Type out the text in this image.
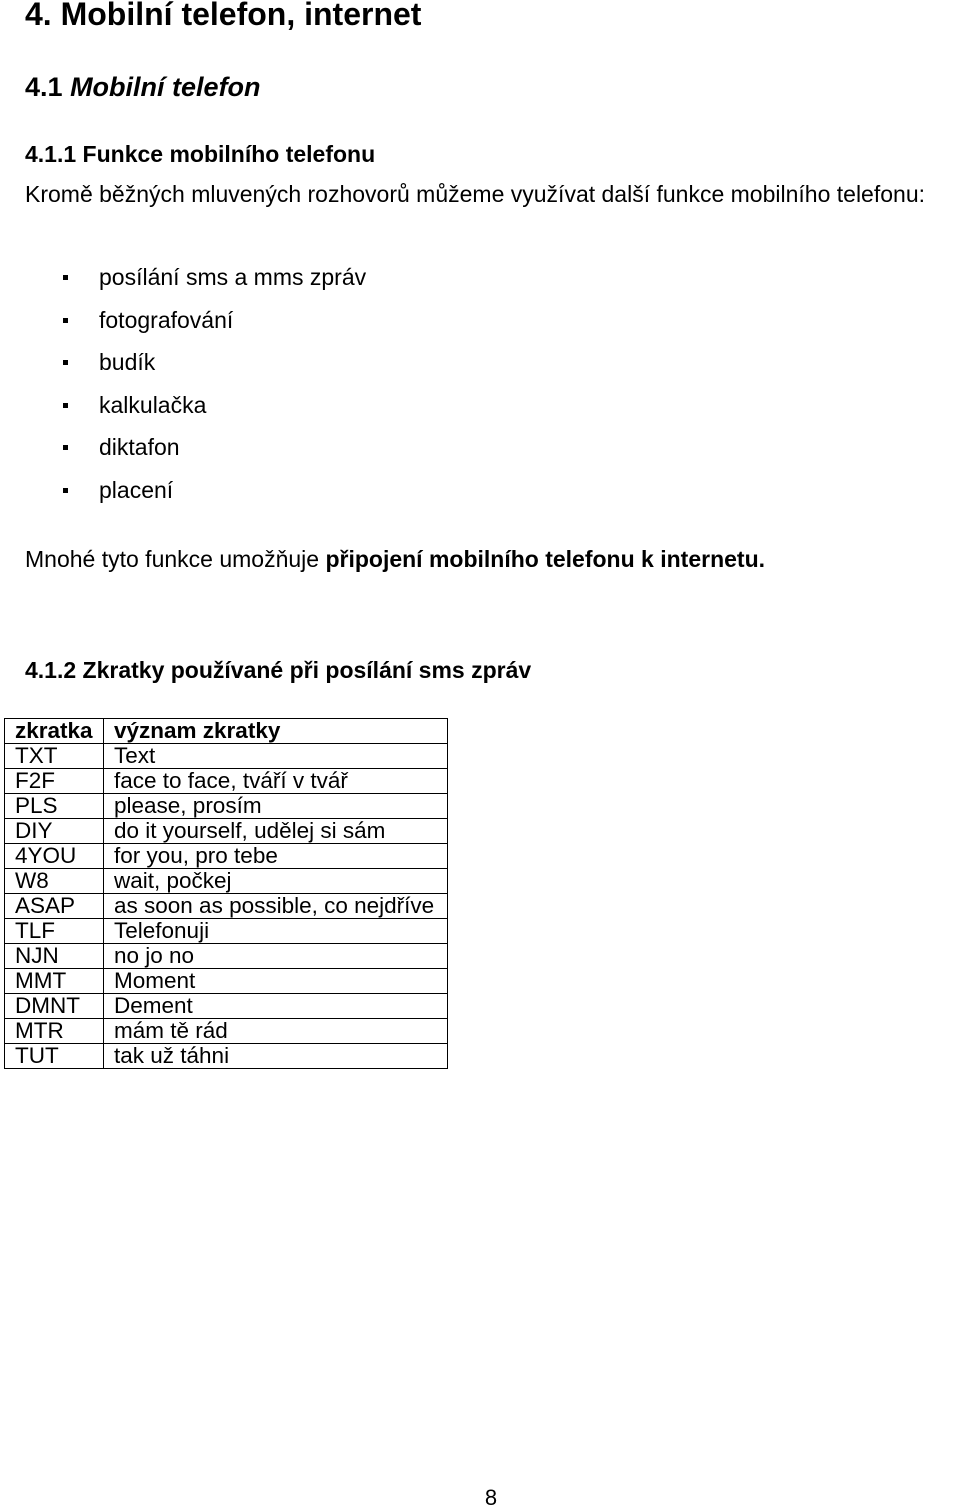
4. Mobilní telefon, internet
4.1 Mobilní telefon
4.1.1 Funkce mobilního telefonu

Kromě běžných mluvených rozhovorů můžeme využívat další funkce mobilního telefonu:

posílání sms a mms zpráv
fotografování
budík
kalkulačka
diktafon
placení

Mnohé tyto funkce umožňuje připojení mobilního telefonu k internetu.

4.1.2 Zkratky používané při posílání sms zpráv
zkratka	význam zkratky
TXT	Text
F2F	face to face, tváří v tvář
PLS	please, prosím
DIY	do it yourself, udělej si sám
4YOU	for you, pro tebe
W8	wait, počkej
ASAP	as soon as possible, co nejdříve
TLF	Telefonuji
NJN	no jo no
MMT	Moment
DMNT	Dement
MTR	mám tě rád
TUT	tak už táhni
8
